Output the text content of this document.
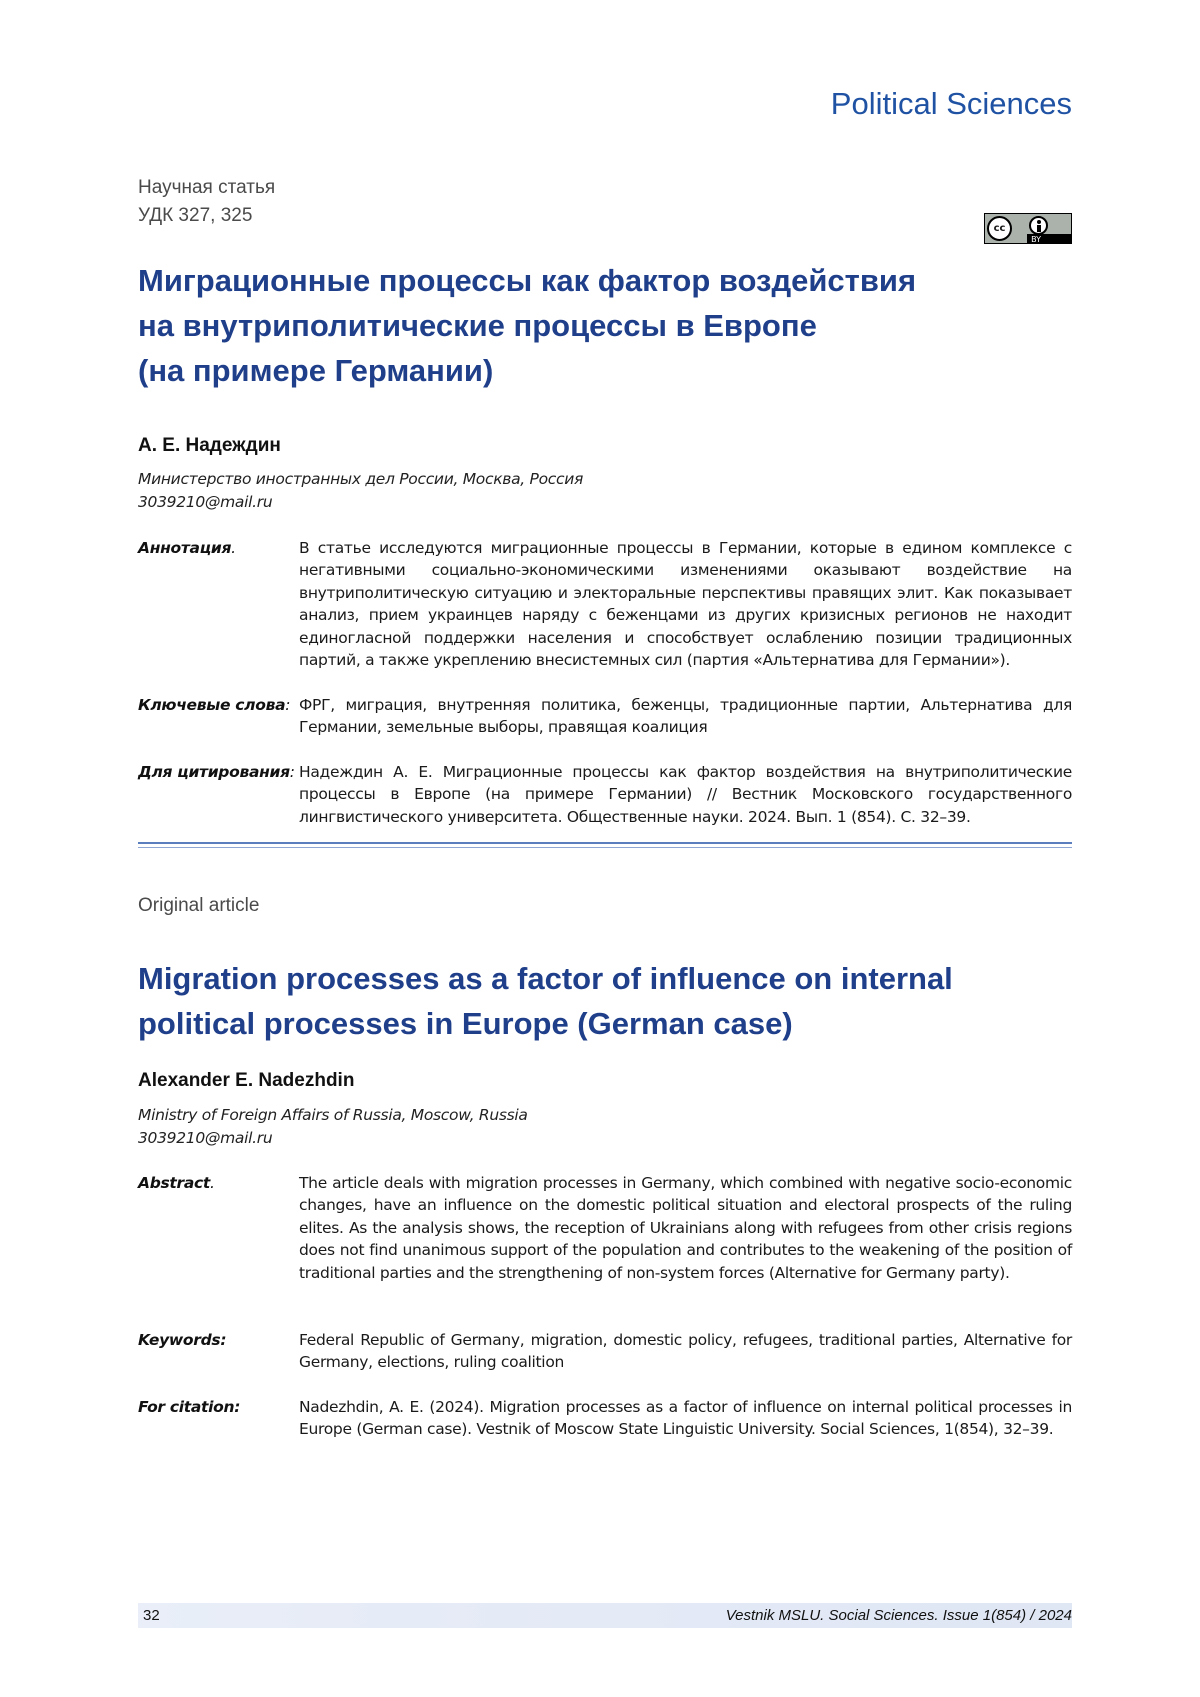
Political Sciences
Научная статья
УДК 327, 325
cc
BY
Миграционные процессы как фактор воздействия
на внутриполитические процессы в Европе
(на примере Германии)
А. Е. Надеждин
Министерство иностранных дел России, Москва, Россия
3039210@mail.ru
Аннотация.	В статье исследуются миграционные процессы в Германии, которые в едином комплексе с негативными социально-экономическими изменениями оказывают воздействие на внутриполитическую ситуацию и электоральные перспективы правящих элит. Как показывает анализ, прием украинцев наряду с беженцами из других кризисных регионов не находит единогласной поддержки населения и способствует ослаблению позиции традиционных партий, а также укреплению внесистемных сил (партия «Альтернатива для Германии»).
Ключевые слова: ФРГ, миграция, внутренняя политика, беженцы, традиционные партии, Альтернатива для Германии, земельные выборы, правящая коалиция
Для цитирования: Надеждин А. Е. Миграционные процессы как фактор воздействия на внутриполитические процессы в Европе (на примере Германии) // Вестник Московского государственного лингвистического университета. Общественные науки. 2024. Вып. 1 (854). С. 32–39.
Original article
Migration processes as a factor of influence on internal
political processes in Europe (German case)
Alexander E. Nadezhdin
Ministry of Foreign Affairs of Russia, Moscow, Russia
3039210@mail.ru
Abstract.	The article deals with migration processes in Germany, which combined with negative socio-economic changes, have an influence on the domestic political situation and electoral prospects of the ruling elites. As the analysis shows, the reception of Ukrainians along with refugees from other crisis regions does not find unanimous support of the population and contributes to the weakening of the position of traditional parties and the strengthening of non-system forces (Alternative for Germany party).
Keywords:	Federal Republic of Germany, migration, domestic policy, refugees, traditional parties, Alternative for Germany, elections, ruling coalition
For citation:	Nadezhdin, A. E. (2024). Migration processes as a factor of influence on internal political processes in Europe (German case). Vestnik of Moscow State Linguistic University. Social Sciences, 1(854), 32–39.
32	Vestnik MSLU. Social Sciences. Issue 1(854) / 2024
